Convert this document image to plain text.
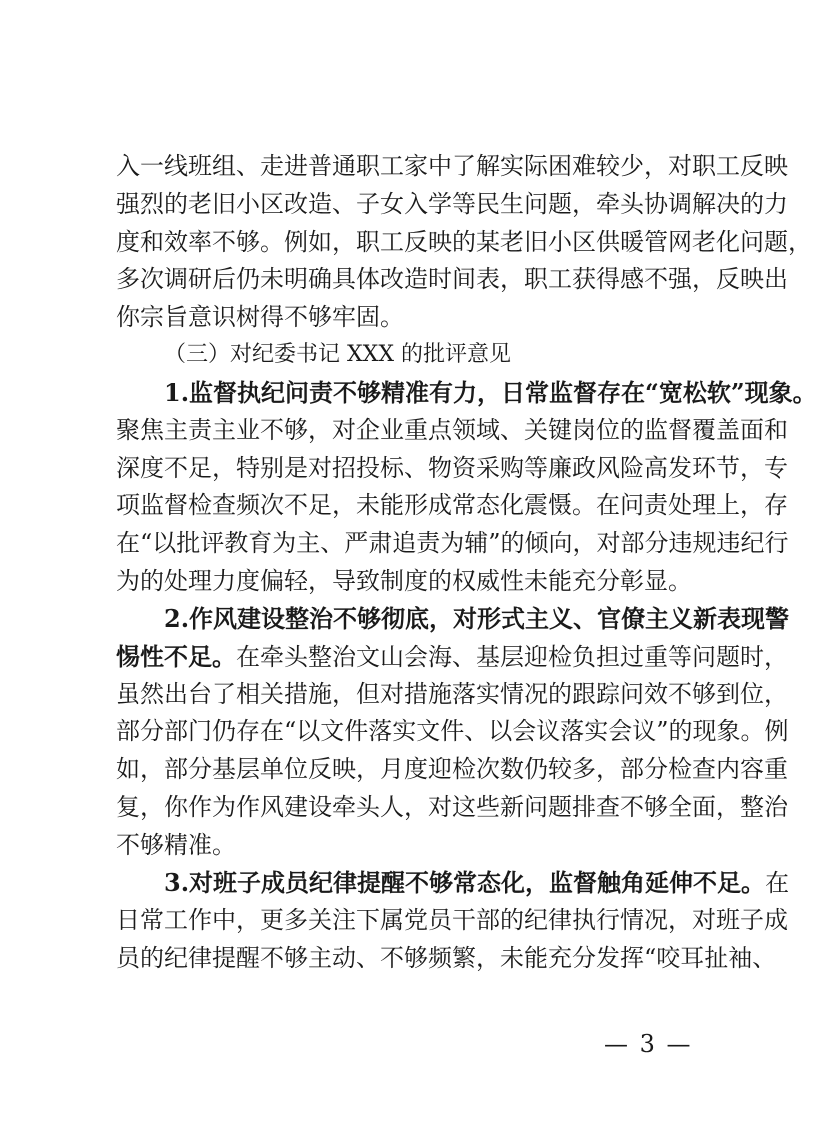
入一线班组、走进普通职工家中了解实际困难较少，对职工反映
强烈的老旧小区改造、子女入学等民生问题，牵头协调解决的力
度和效率不够。例如，职工反映的某老旧小区供暖管网老化问题，
多次调研后仍未明确具体改造时间表，职工获得感不强，反映出
你宗旨意识树得不够牢固。
（三）对纪委书记 XXX 的批评意见
1.监督执纪问责不够精准有力，日常监督存在“宽松软”现象。
聚焦主责主业不够，对企业重点领域、关键岗位的监督覆盖面和
深度不足，特别是对招投标、物资采购等廉政风险高发环节，专
项监督检查频次不足，未能形成常态化震慑。在问责处理上，存
在“以批评教育为主、严肃追责为辅”的倾向，对部分违规违纪行
为的处理力度偏轻，导致制度的权威性未能充分彰显。
2.作风建设整治不够彻底，对形式主义、官僚主义新表现警
惕性不足。在牵头整治文山会海、基层迎检负担过重等问题时，
虽然出台了相关措施，但对措施落实情况的跟踪问效不够到位，
部分部门仍存在“以文件落实文件、以会议落实会议”的现象。例
如，部分基层单位反映，月度迎检次数仍较多，部分检查内容重
复，你作为作风建设牵头人，对这些新问题排查不够全面，整治
不够精准。
3.对班子成员纪律提醒不够常态化，监督触角延伸不足。在
日常工作中，更多关注下属党员干部的纪律执行情况，对班子成
员的纪律提醒不够主动、不够频繁，未能充分发挥“咬耳扯袖、
— 3 —
